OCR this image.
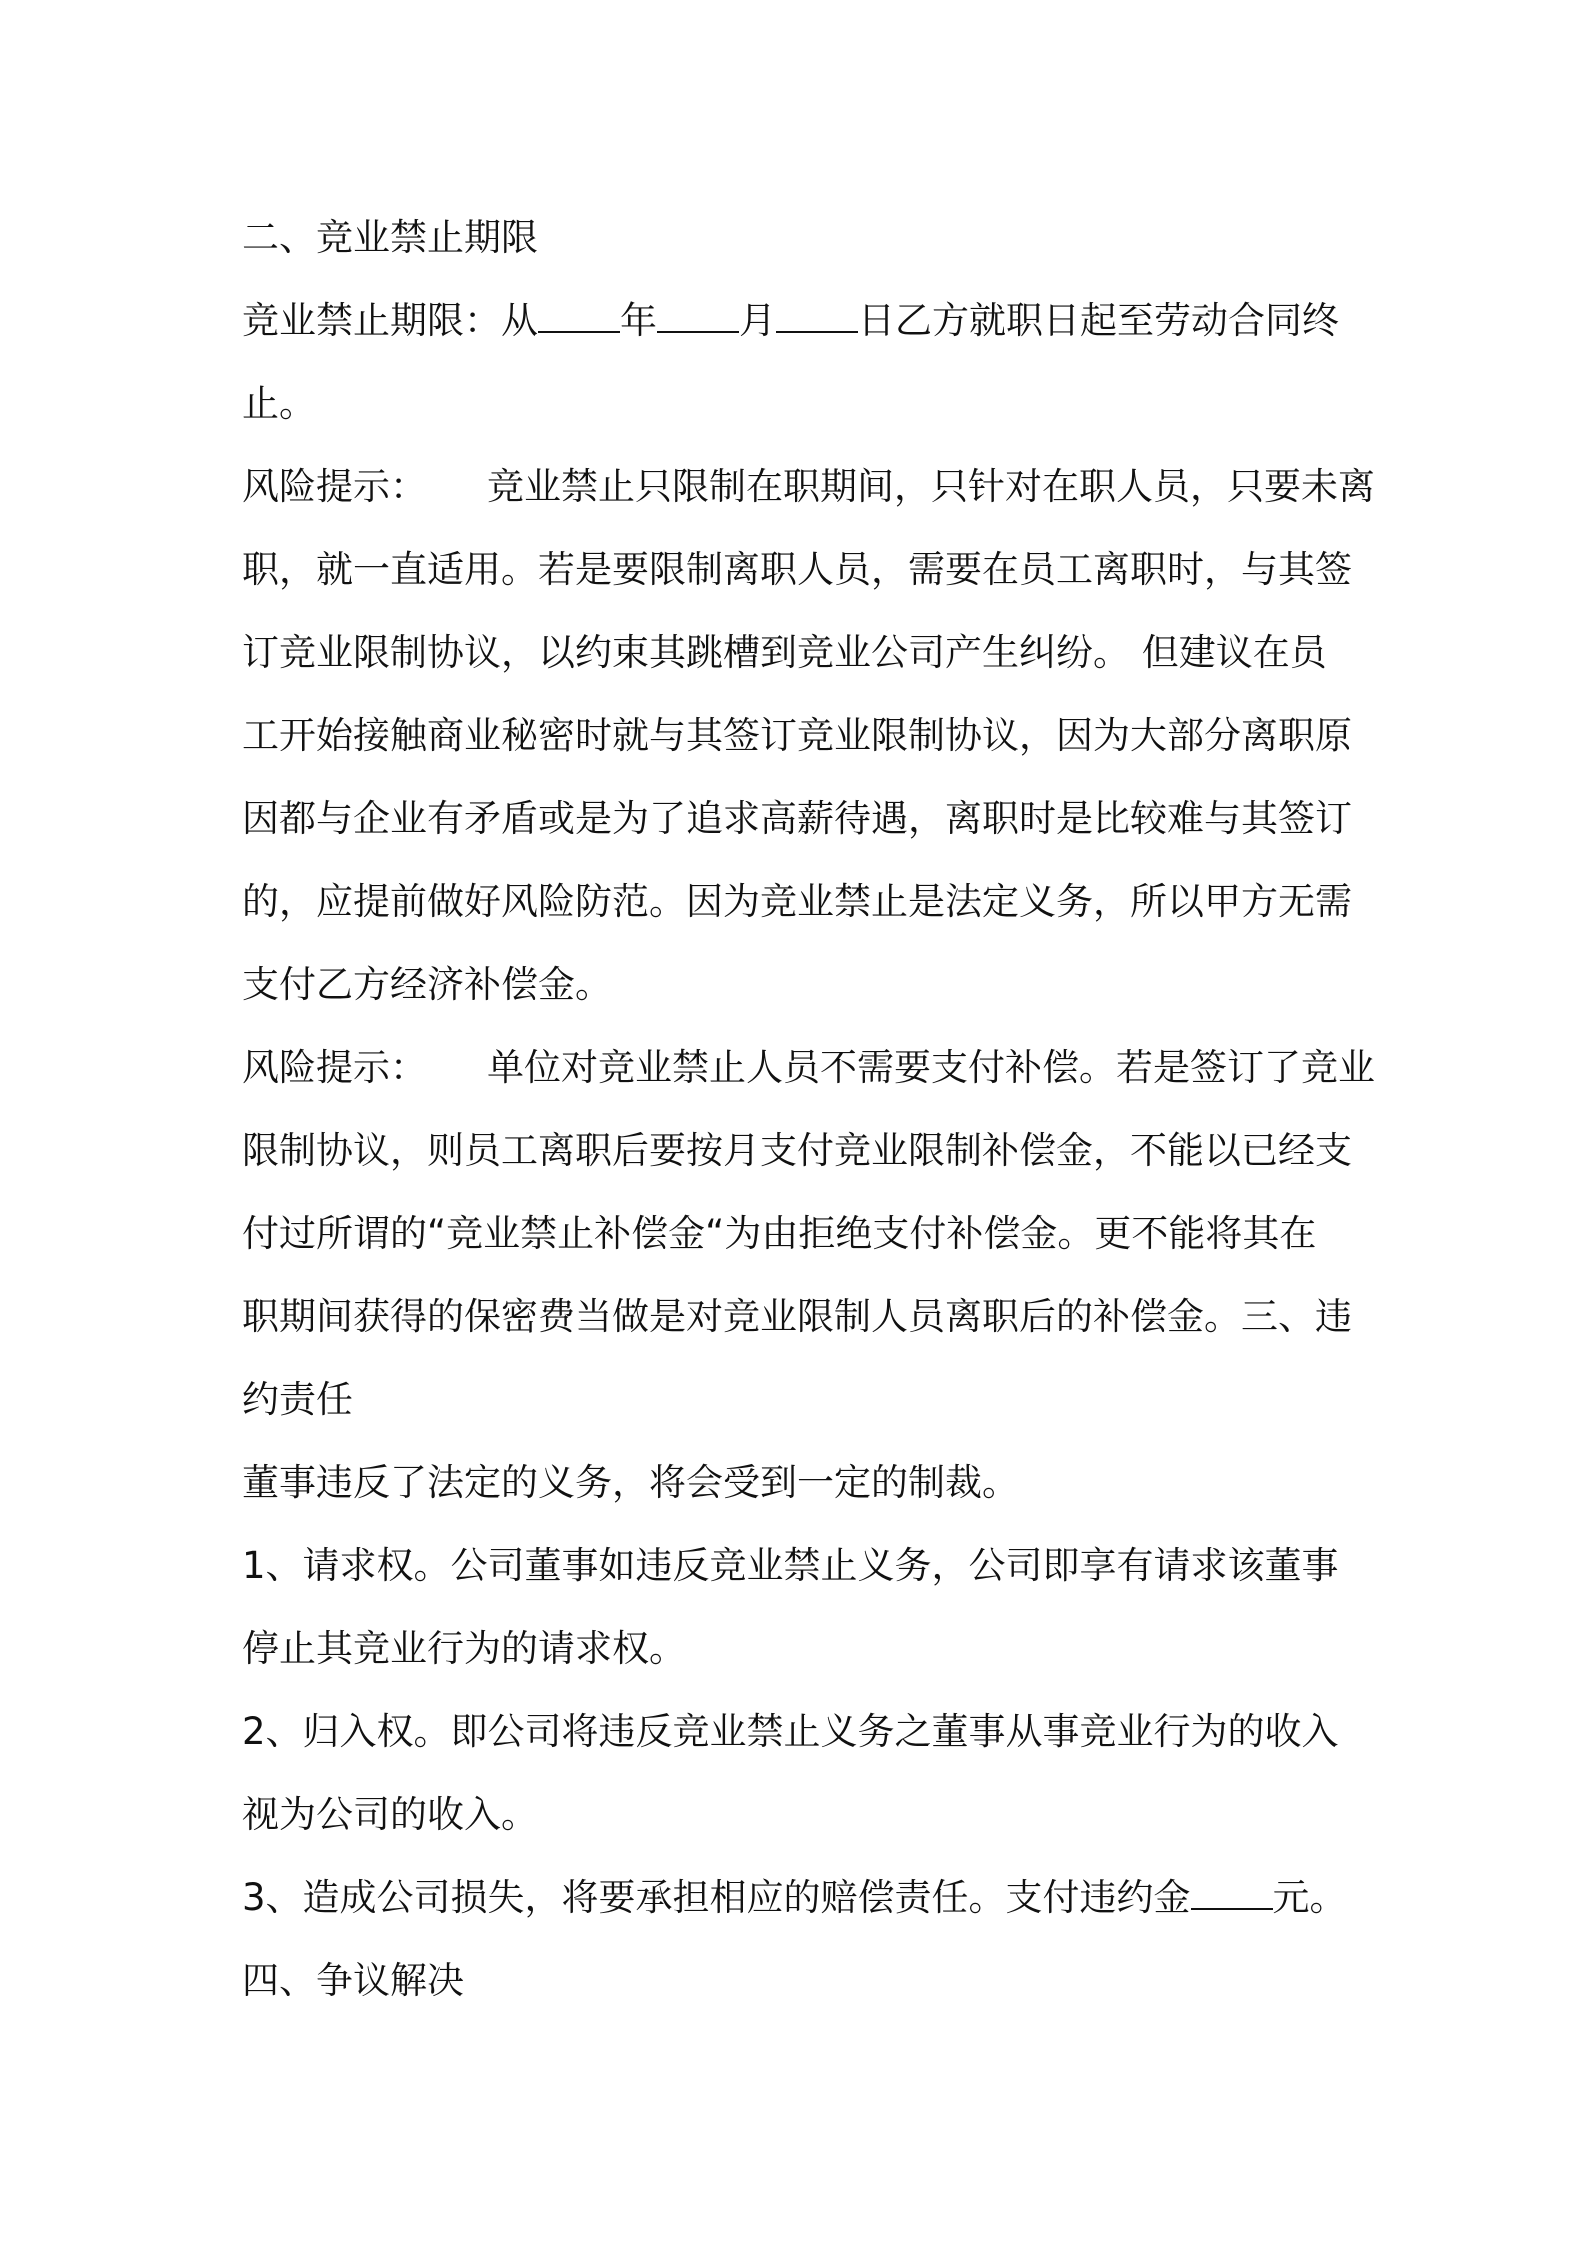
二、竞业禁止期限
竞业禁止期限：从 年 月 日乙方就职日起至劳动合同终
止。
风险提示： 竞业禁止只限制在职期间，只针对在职人员，只要未离
职，就一直适用。若是要限制离职人员，需要在员工离职时，与其签
订竞业限制协议，以约束其跳槽到竞业公司产生纠纷。 但建议在员
工开始接触商业秘密时就与其签订竞业限制协议，因为大部分离职原
因都与企业有矛盾或是为了追求高薪待遇，离职时是比较难与其签订
的，应提前做好风险防范。因为竞业禁止是法定义务，所以甲方无需
支付乙方经济补偿金。
风险提示： 单位对竞业禁止人员不需要支付补偿。若是签订了竞业
限制协议，则员工离职后要按月支付竞业限制补偿金，不能以已经支
付过所谓的“竞业禁止补偿金“为由拒绝支付补偿金。更不能将其在
职期间获得的保密费当做是对竞业限制人员离职后的补偿金。三、违
约责任
董事违反了法定的义务，将会受到一定的制裁。
1、请求权。公司董事如违反竞业禁止义务，公司即享有请求该董事
停止其竞业行为的请求权。
2、归入权。即公司将违反竞业禁止义务之董事从事竞业行为的收入
视为公司的收入。
3、造成公司损失，将要承担相应的赔偿责任。支付违约金 元。
四、争议解决
